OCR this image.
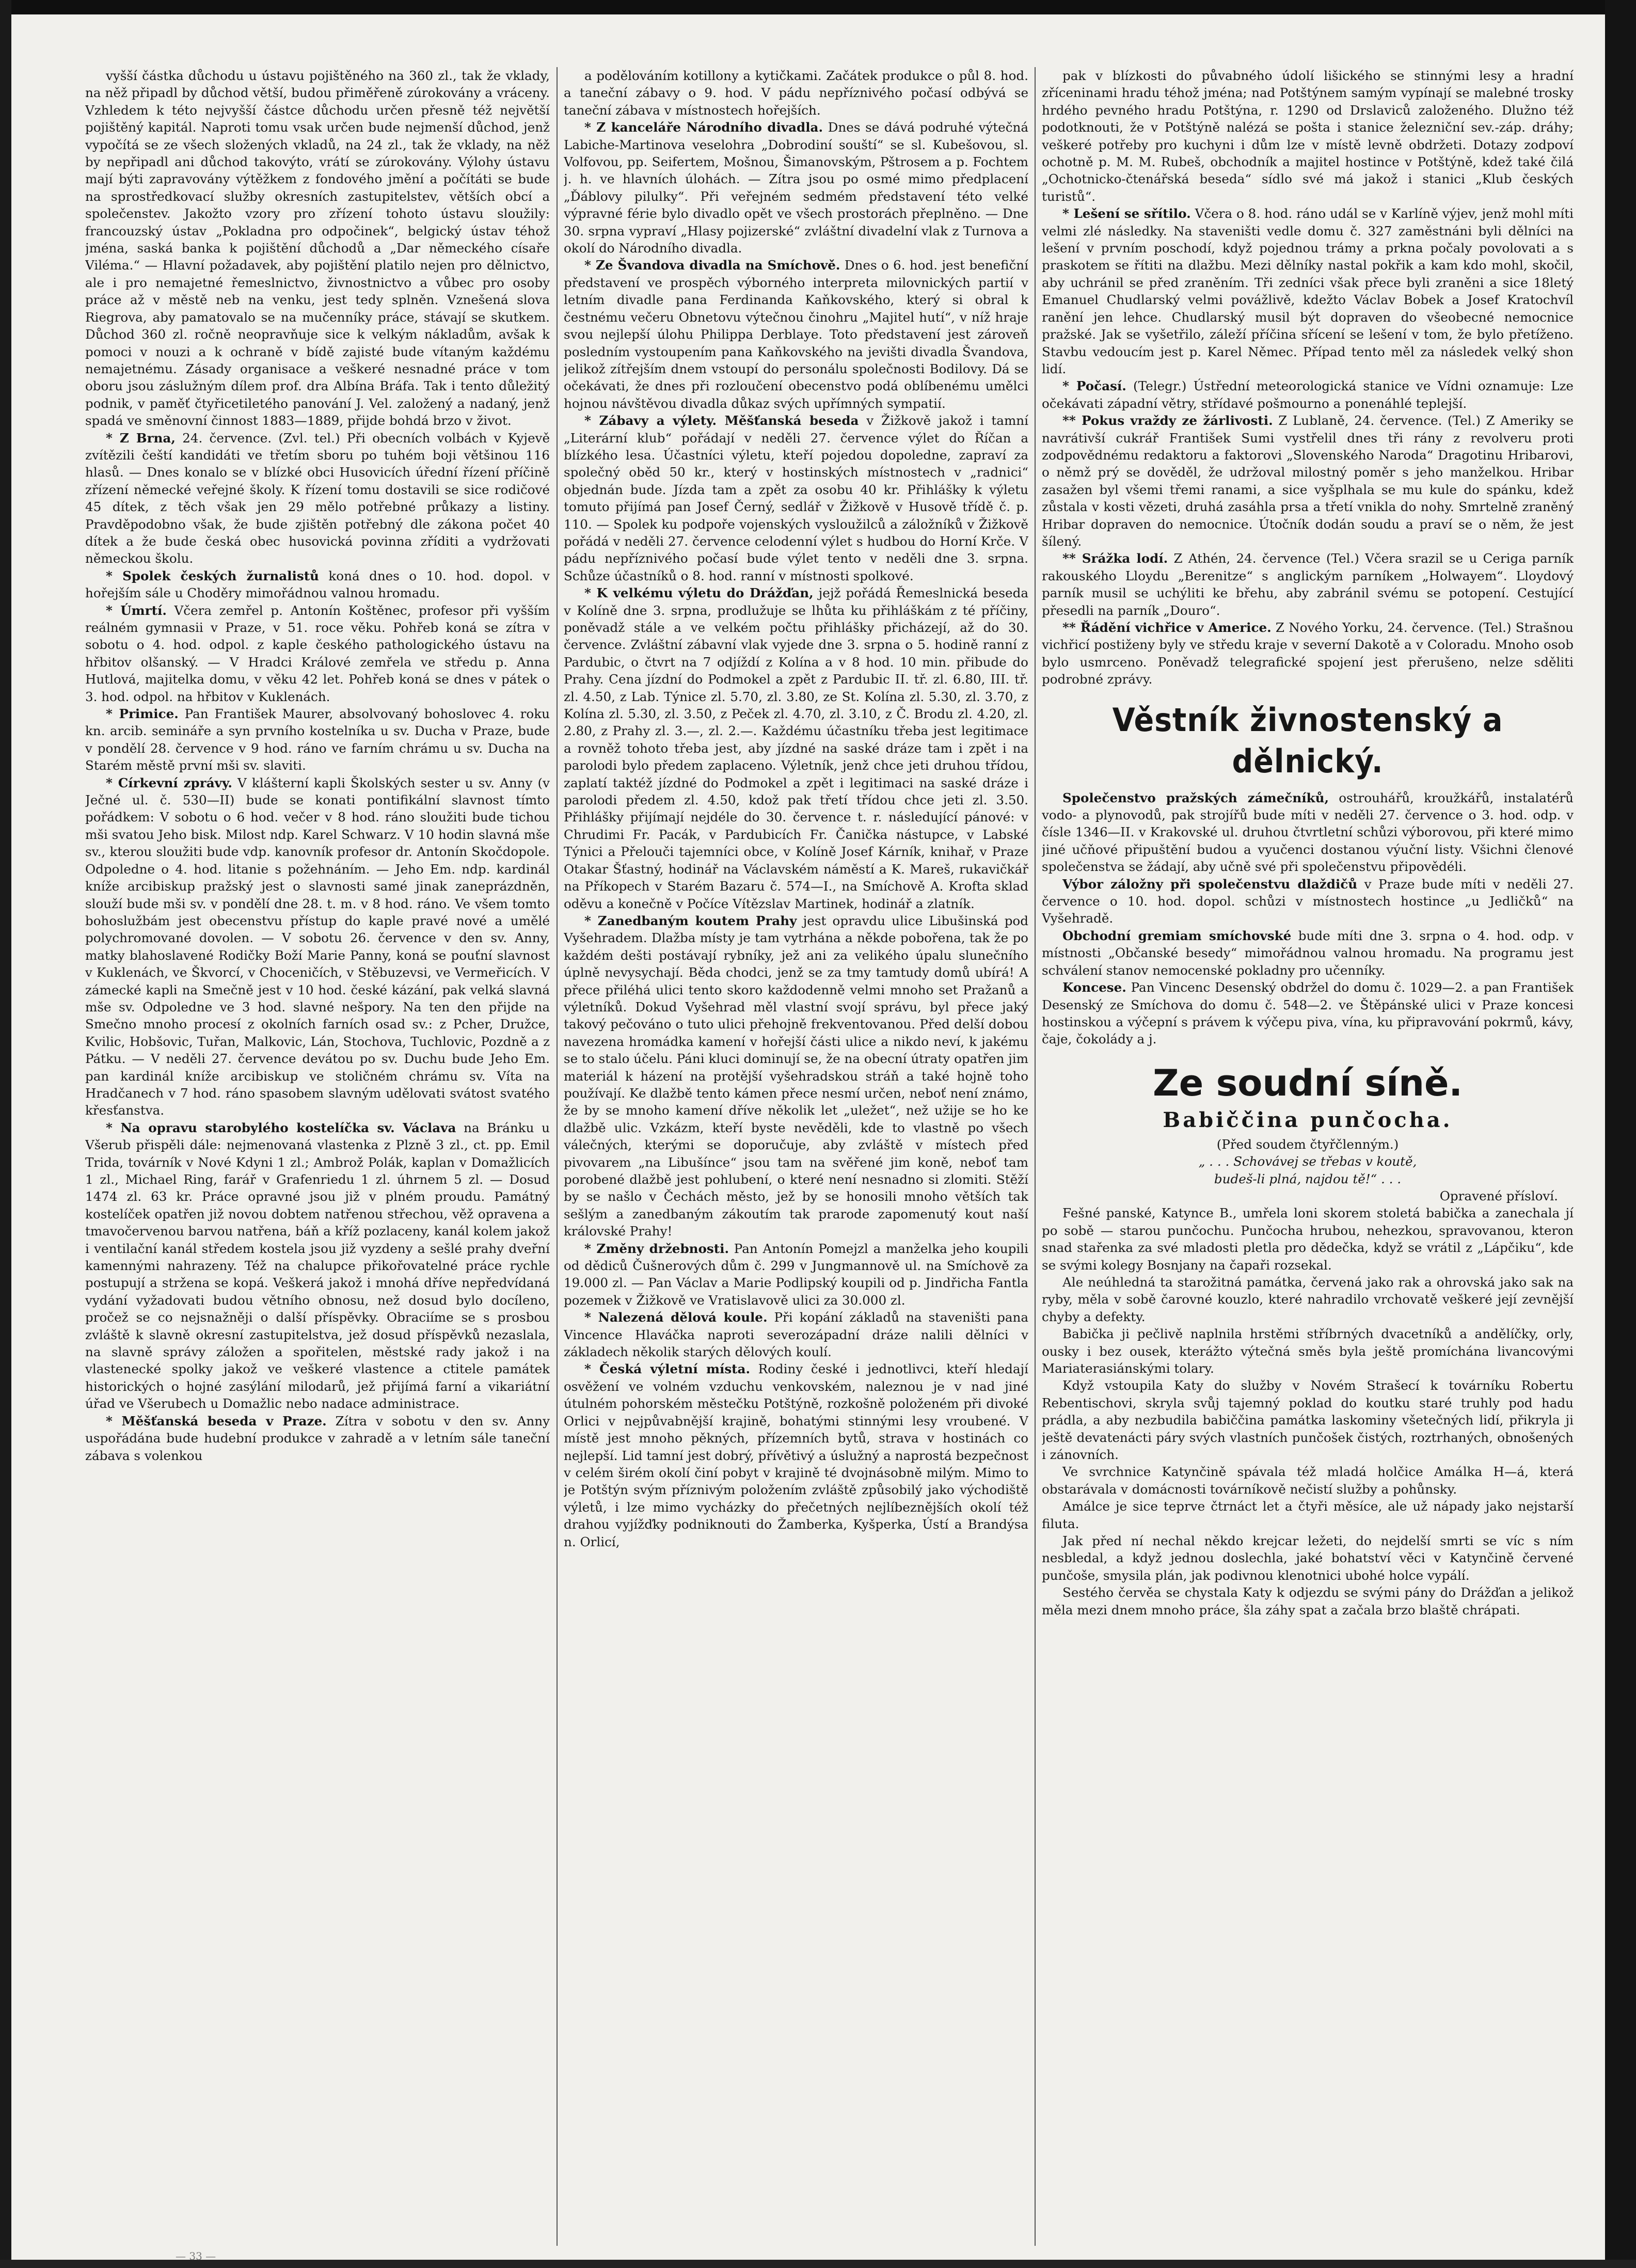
vyšší částka důchodu u ústavu pojištěného na 360 zl., tak že vklady, na něž připadl by důchod větší, budou přiměřeně zúrokovány a vráceny. Vzhledem k této nejvyšší částce důchodu určen přesně též největší pojištěný kapitál. Naproti tomu vsak určen bude nejmenší důchod, jenž vypočítá se ze všech složených vkladů, na 24 zl., tak že vklady, na něž by nepřipadl ani důchod takovýto, vrátí se zúrokovány. Výlohy ústavu mají býti zapravovány výtěžkem z fondového jmění a počítáti se bude na sprostředkovací služby okresních zastupitelstev, větších obcí a společenstev. Jakožto vzory pro zřízení tohoto ústavu sloužily: francouzský ústav „Pokladna pro odpočinek“, belgický ústav téhož jména, saská banka k pojištění důchodů a „Dar německého císaře Viléma.“ — Hlavní požadavek, aby pojištění platilo nejen pro dělnictvo, ale i pro nemajetné řemeslnictvo, živnostnictvo a vůbec pro osoby práce až v městě neb na venku, jest tedy splněn. Vznešená slova Riegrova, aby pamatovalo se na mučenníky práce, stávají se skutkem. Důchod 360 zl. ročně neopravňuje sice k velkým nákladům, avšak k pomoci v nouzi a k ochraně v bídě zajisté bude vítaným každému nemajetnému. Zásady organisace a veškeré nesnadné práce v tom oboru jsou záslužným dílem prof. dra Albína Bráfa. Tak i tento důležitý podnik, v paměť čtyřicetiletého panování J. Vel. založený a nadaný, jenž spadá ve směnovní činnost 1883—1889, přijde bohdá brzo v život.

* Z Brna, 24. července. (Zvl. tel.) Při obecních volbách v Kyjevě zvítězili čeští kandidáti ve třetím sboru po tuhém boji většinou 116 hlasů. — Dnes konalo se v blízké obci Husovicích úřední řízení příčině zřízení německé veřejné školy. K řízení tomu dostavili se sice rodičové 45 dítek, z těch však jen 29 mělo potřebné průkazy a listiny. Pravděpodobno však, že bude zjištěn potřebný dle zákona počet 40 dítek a že bude česká obec husovická povinna zříditi a vydržovati německou školu.

* Spolek českých žurnalistů koná dnes o 10. hod. dopol. v hořejším sále u Choděry mimořádnou valnou hromadu.

* Úmrtí. Včera zemřel p. Antonín Koštěnec, profesor při vyšším reálném gymnasii v Praze, v 51. roce věku. Pohřeb koná se zítra v sobotu o 4. hod. odpol. z kaple českého pathologického ústavu na hřbitov olšanský. — V Hradci Králové zemřela ve středu p. Anna Hutlová, majitelka domu, v věku 42 let. Pohřeb koná se dnes v pátek o 3. hod. odpol. na hřbitov v Kuklenách.

* Primice. Pan František Maurer, absolvovaný bohoslovec 4. roku kn. arcib. semináře a syn prvního kostelníka u sv. Ducha v Praze, bude v pondělí 28. července v 9 hod. ráno ve farním chrámu u sv. Ducha na Starém městě první mši sv. slaviti.

* Církevní zprávy. V klášterní kapli Školských sester u sv. Anny (v Ječné ul. č. 530—II) bude se konati pontifikální slavnost tímto pořádkem: V sobotu o 6 hod. večer v 8 hod. ráno sloužiti bude tichou mši svatou Jeho bisk. Milost ndp. Karel Schwarz. V 10 hodin slavná mše sv., kterou sloužiti bude vdp. kanovník profesor dr. Antonín Skočdopole. Odpoledne o 4. hod. litanie s požehnáním. — Jeho Em. ndp. kardinál kníže arcibiskup pražský jest o slavnosti samé jinak zaneprázdněn, slouží bude mši sv. v pondělí dne 28. t. m. v 8 hod. ráno. Ve všem tomto bohoslužbám jest obecenstvu přístup do kaple pravé nové a umělé polychromované dovolen. — V sobotu 26. července v den sv. Anny, matky blahoslavené Rodičky Boží Marie Panny, koná se pouťní slavnost v Kuklenách, ve Škvorcí, v Choceničích, v Stěbuzevsi, ve Vermeřicích. V zámecké kapli na Smečně jest v 10 hod. české kázání, pak velká slavná mše sv. Odpoledne ve 3 hod. slavné nešpory. Na ten den přijde na Smečno mnoho procesí z okolních farních osad sv.: z Pcher, Družce, Kvilic, Hobšovic, Tuřan, Malkovic, Lán, Stochova, Tuchlovic, Pozdně a z Pátku. — V neděli 27. července devátou po sv. Duchu bude Jeho Em. pan kardinál kníže arcibiskup ve stoličném chrámu sv. Víta na Hradčanech v 7 hod. ráno spasobem slavným udělovati svátost svatého křesťanstva.

* Na opravu starobylého kostelíčka sv. Václava na Bránku u Všerub přispěli dále: nejmenovaná vlastenka z Plzně 3 zl., ct. pp. Emil Trida, továrník v Nové Kdyni 1 zl.; Ambrož Polák, kaplan v Domažlicích 1 zl., Michael Ring, farář v Grafenriedu 1 zl. úhrnem 5 zl. — Dosud 1474 zl. 63 kr. Práce opravné jsou již v plném proudu. Památný kostelíček opatřen již novou dobtem natřenou střechou, věž opravena a tmavočervenou barvou natřena, báň a kříž pozlaceny, kanál kolem jakož i ventilační kanál středem kostela jsou již vyzdeny a sešlé prahy dveřní kamennými nahrazeny. Též na chalupce přikořovatelné práce rychle postupují a stržena se kopá. Veškerá jakož i mnohá dříve nepředvídaná vydání vyžadovati budou větního obnosu, než dosud bylo docíleno, pročež se co nejsnažněji o další příspěvky. Obraciíme se s prosbou zvláště k slavně okresní zastupitelstva, jež dosud příspěvků nezaslala, na slavně správy záložen a spořitelen, městské rady jakož i na vlastenecké spolky jakož ve veškeré vlastence a ctitele památek historických o hojné zasýlání milodarů, jež přijímá farní a vikariátní úřad ve Všerubech u Domažlic nebo nadace administrace.

* Měšťanská beseda v Praze. Zítra v sobotu v den sv. Anny uspořádána bude hudební produkce v zahradě a v letním sále taneční zábava s volenkou

a podělováním kotillony a kytičkami. Začátek produkce o půl 8. hod. a taneční zábavy o 9. hod. V pádu nepříznivého počasí odbývá se taneční zábava v místnostech hořejších.

* Z kanceláře Národního divadla. Dnes se dává podruhé výtečná Labiche-Martinova veselohra „Dobrodiní souští“ se sl. Kubešovou, sl. Volfovou, pp. Seifertem, Mošnou, Šimanovským, Pštrosem a p. Fochtem j. h. ve hlavních úlohách. — Zítra jsou po osmé mimo předplacení „Ďáblovy pilulky“. Při veřejném sedmém představení této velké výpravné férie bylo divadlo opět ve všech prostorách přeplněno. — Dne 30. srpna vypraví „Hlasy pojizerské“ zvláštní divadelní vlak z Turnova a okolí do Národního divadla.

* Ze Švandova divadla na Smíchově. Dnes o 6. hod. jest benefiční představení ve prospěch výborného interpreta milovnických partií v letním divadle pana Ferdinanda Kaňkovského, který si obral k čestnému večeru Obnetovu výtečnou činohru „Majitel hutí“, v níž hraje svou nejlepší úlohu Philippa Derblaye. Toto představení jest zároveň posledním vystoupením pana Kaňkovského na jevišti divadla Švandova, jelikož zítřejším dnem vstoupí do personálu společnosti Bodilovy. Dá se očekávati, že dnes při rozloučení obecenstvo podá oblíbenému umělci hojnou návštěvou divadla důkaz svých upřímných sympatií.

* Zábavy a výlety. Měšťanská beseda v Žižkově jakož i tamní „Literární klub“ pořádají v neděli 27. července výlet do Říčan a blízkého lesa. Účastníci výletu, kteří pojedou dopoledne, zapraví za společný oběd 50 kr., který v hostinských místnostech v „radnici“ objednán bude. Jízda tam a zpět za osobu 40 kr. Přihlášky k výletu tomuto přijímá pan Josef Černý, sedlář v Žižkově v Husově třídě č. p. 110. — Spolek ku podpoře vojenských vysloužilců a záložníků v Žižkově pořádá v neděli 27. července celodenní výlet s hudbou do Horní Krče. V pádu nepříznivého počasí bude výlet tento v neděli dne 3. srpna. Schůze účastníků o 8. hod. ranní v místnosti spolkové.

* K velkému výletu do Drážďan, jejž pořádá Řemeslnická beseda v Kolíně dne 3. srpna, prodlužuje se lhůta ku přihláškám z té příčiny, poněvadž stále a ve velkém počtu přihlášky přicházejí, až do 30. července. Zvláštní zábavní vlak vyjede dne 3. srpna o 5. hodině ranní z Pardubic, o čtvrt na 7 odjíždí z Kolína a v 8 hod. 10 min. přibude do Prahy. Cena jízdní do Podmokel a zpět z Pardubic II. tř. zl. 6.80, III. tř. zl. 4.50, z Lab. Týnice zl. 5.70, zl. 3.80, ze St. Kolína zl. 5.30, zl. 3.70, z Kolína zl. 5.30, zl. 3.50, z Peček zl. 4.70, zl. 3.10, z Č. Brodu zl. 4.20, zl. 2.80, z Prahy zl. 3.—, zl. 2.—. Každému účastníku třeba jest legitimace a rovněž tohoto třeba jest, aby jízdné na saské dráze tam i zpět i na parolodi bylo předem zaplaceno. Výletník, jenž chce jeti druhou třídou, zaplatí taktéž jízdné do Podmokel a zpět i legitimaci na saské dráze i parolodi předem zl. 4.50, kdož pak třetí třídou chce jeti zl. 3.50. Přihlášky přijímají nejdéle do 30. července t. r. následující pánové: v Chrudimi Fr. Pacák, v Pardubicích Fr. Čanička nástupce, v Labské Týnici a Přelouči tajemníci obce, v Kolíně Josef Kárník, knihař, v Praze Otakar Šťastný, hodinář na Václavském náměstí a K. Mareš, rukavičkář na Příkopech v Starém Bazaru č. 574—I., na Smíchově A. Krofta sklad oděvu a konečně v Počíce Vítězslav Martinek, hodinář a zlatník.

* Zanedbaným koutem Prahy jest opravdu ulice Libušinská pod Vyšehradem. Dlažba místy je tam vytrhána a někde pobořena, tak že po každém dešti postávají rybníky, jež ani za velikého úpalu slunečního úplně nevysychají. Běda chodci, jenž se za tmy tamtudy domů ubírá! A přece přiléhá ulici tento skoro každodenně velmi mnoho set Pražanů a výletníků. Dokud Vyšehrad měl vlastní svojí správu, byl přece jaký takový pečováno o tuto ulici přehojně frekventovanou. Před delší dobou navezena hromádka kamení v hořejší části ulice a nikdo neví, k jakému se to stalo účelu. Páni kluci dominují se, že na obecní útraty opatřen jim materiál k házení na protější vyšehradskou stráň a také hojně toho používají. Ke dlažbě tento kámen přece nesmí určen, neboť není známo, že by se mnoho kamení dříve několik let „uležet“, než užije se ho ke dlažbě ulic. Vzkázm, kteří byste nevěděli, kde to vlastně po všech válečných, kterými se doporučuje, aby zvláště v místech před pivovarem „na Libušínce“ jsou tam na svěřené jim koně, neboť tam porobené dlažbě jest pohlubení, o které není nesnadno si zlomiti. Stěží by se našlo v Čechách město, jež by se honosili mnoho větších tak sešlým a zanedbaným zákoutím tak prarode zapomenutý kout naší královské Prahy!

* Změny držebnosti. Pan Antonín Pomejzl a manželka jeho koupili od dědiců Čušnerových dům č. 299 v Jungmannově ul. na Smíchově za 19.000 zl. — Pan Václav a Marie Podlipský koupili od p. Jindřicha Fantla pozemek v Žižkově ve Vratislavově ulici za 30.000 zl.

* Nalezená dělová koule. Při kopání základů na staveništi pana Vincence Hlaváčka naproti severozápadní dráze nalili dělníci v základech několik starých dělových koulí.

* Česká výletní místa. Rodiny české i jednotlivci, kteří hledají osvěžení ve volném vzduchu venkovském, naleznou je v nad jiné útulném pohorském městečku Potštýně, rozkošně položeném při divoké Orlici v nejpůvabnější krajině, bohatými stinnými lesy vroubené. V místě jest mnoho pěkných, přízemních bytů, strava v hostinách co nejlepší. Lid tamní jest dobrý, přívětivý a úslužný a naprostá bezpečnost v celém širém okolí činí pobyt v krajině té dvojnásobně milým. Mimo to je Potštýn svým příznivým položením zvláště způsobilý jako východiště výletů, i lze mimo vycházky do přečetných nejlíbeznějších okolí též drahou vyjížďky podniknouti do Žamberka, Kyšperka, Ústí a Brandýsa n. Orlicí,

pak v blízkosti do půvabného údolí lišického se stinnými lesy a hradní zříceninami hradu téhož jména; nad Potštýnem samým vypínají se malebné trosky hrdého pevného hradu Potštýna, r. 1290 od Drslaviců založeného. Dlužno též podotknouti, že v Potštýně nalézá se pošta i stanice železniční sev.-záp. dráhy; veškeré potřeby pro kuchyni i dům lze v místě levně obdržeti. Dotazy zodpoví ochotně p. M. M. Rubeš, obchodník a majitel hostince v Potštýně, kdež také čilá „Ochotnicko-čtenářská beseda“ sídlo své má jakož i stanici „Klub českých turistů“.

* Lešení se sřítilo. Včera o 8. hod. ráno udál se v Karlíně výjev, jenž mohl míti velmi zlé následky. Na staveništi vedle domu č. 327 zaměstnáni byli dělníci na lešení v prvním poschodí, když pojednou trámy a prkna počaly povolovati a s praskotem se řítiti na dlažbu. Mezi dělníky nastal pokřik a kam kdo mohl, skočil, aby uchránil se před zraněním. Tři zedníci však přece byli zraněni a sice 18letý Emanuel Chudlarský velmi povážlivě, kdežto Václav Bobek a Josef Kratochvíl ranění jen lehce. Chudlarský musil být dopraven do všeobecné nemocnice pražské. Jak se vyšetřilo, záleží příčina sřícení se lešení v tom, že bylo přetíženo. Stavbu vedoucím jest p. Karel Němec. Případ tento měl za následek velký shon lidí.

* Počasí. (Telegr.) Ústřední meteorologická stanice ve Vídni oznamuje: Lze očekávati západní větry, střídavé pošmourno a ponenáhlé teplejší.

** Pokus vraždy ze žárlivosti. Z Lublaně, 24. července. (Tel.) Z Ameriky se navrátivší cukrář František Sumi vystřelil dnes tři rány z revolveru proti zodpovědnému redaktoru a faktorovi „Slovenského Naroda“ Dragotinu Hribarovi, o němž prý se dověděl, že udržoval milostný poměr s jeho manželkou. Hribar zasažen byl všemi třemi ranami, a sice vyšplhala se mu kule do spánku, kdež zůstala v kosti vězeti, druhá zasáhla prsa a třetí vnikla do nohy. Smrtelně zraněný Hribar dopraven do nemocnice. Útočník dodán soudu a praví se o něm, že jest šílený.

** Srážka lodí. Z Athén, 24. července (Tel.) Včera srazil se u Ceriga parník rakouského Lloydu „Berenitze“ s anglickým parníkem „Holwayem“. Lloydový parník musil se uchýliti ke břehu, aby zabránil svému se potopení. Cestující přesedli na parník „Douro“.

** Řádění vichřice v Americe. Z Nového Yorku, 24. července. (Tel.) Strašnou vichřicí postiženy byly ve středu kraje v severní Dakotě a v Coloradu. Mnoho osob bylo usmrceno. Poněvadž telegrafické spojení jest přerušeno, nelze sděliti podrobné zprávy.

Věstník živnostenský a dělnický.

Společenstvo pražských zámečníků, ostrouhářů, kroužkářů, instalatérů vodo- a plynovodů, pak strojířů bude míti v neděli 27. července o 3. hod. odp. v čísle 1346—II. v Krakovské ul. druhou čtvrtletní schůzi výborovou, při které mimo jiné učňové připuštění budou a vyučenci dostanou výuční listy. Všichni členové společenstva se žádají, aby učně své při společenstvu připovědéli.

Výbor záložny při společenstvu dlaždičů v Praze bude míti v neděli 27. července o 10. hod. dopol. schůzi v místnostech hostince „u Jedličků“ na Vyšehradě.

Obchodní gremiam smíchovské bude míti dne 3. srpna o 4. hod. odp. v místnosti „Občanské besedy“ mimořádnou valnou hromadu. Na programu jest schválení stanov nemocenské pokladny pro učenníky.

Koncese. Pan Vincenc Desenský obdržel do domu č. 1029—2. a pan František Desenský ze Smíchova do domu č. 548—2. ve Štěpánské ulici v Praze koncesi hostinskou a výčepní s právem k výčepu piva, vína, ku připravování pokrmů, kávy, čaje, čokolády a j.

Ze soudní síně.
Babiččina punčocha.
(Před soudem čtyřčlenným.)
„ . . . Schovávej se třebas v koutě,
budeš-li plná, najdou tě!“ . . .
Opravené přísloví.

Fešné panské, Katynce B., umřela loni skorem stoletá babička a zanechala jí po sobě — starou punčochu. Punčocha hrubou, nehezkou, spravovanou, kteron snad stařenka za své mladosti pletla pro dědečka, když se vrátil z „Lápčiku“, kde se svými kolegy Bosnjany na čapaři rozsekal.

Ale neúhledná ta starožitná památka, červená jako rak a ohrovská jako sak na ryby, měla v sobě čarovné kouzlo, které nahradilo vrchovatě veškeré její zevnější chyby a defekty.

Babička ji pečlivě naplnila hrstěmi stříbrných dvacetníků a andělíčky, orly, ousky i bez ousek, kterážto výtečná směs byla ještě promíchána livancovými Mariaterasiánskými tolary.

Když vstoupila Katy do služby v Novém Strašecí k továrníku Robertu Rebentischovi, skryla svůj tajemný poklad do koutku staré truhly pod hadu prádla, a aby nezbudila babiččina památka laskominy všetečných lidí, přikryla ji ještě devatenácti páry svých vlastních punčošek čistých, roztrhaných, obnošených i zánovních.

Ve svrchnice Katynčině spávala též mladá holčice Amálka H—á, která obstarávala v domácnosti továrníkově nečistí služby a pohůnsky.

Amálce je sice teprve čtrnáct let a čtyři měsíce, ale už nápady jako nejstarší filuta.

Jak před ní nechal někdo krejcar ležeti, do nejdelší smrti se víc s ním nesbledal, a když jednou doslechla, jaké bohatství věci v Katynčině červené punčoše, smysila plán, jak podivnou klenotnici ubohé holce vypálí.

Sestého červěa se chystala Katy k odjezdu se svými pány do Drážďan a jelikož měla mezi dnem mnoho práce, šla záhy spat a začala brzo blaště chrápati.

— 33 —
